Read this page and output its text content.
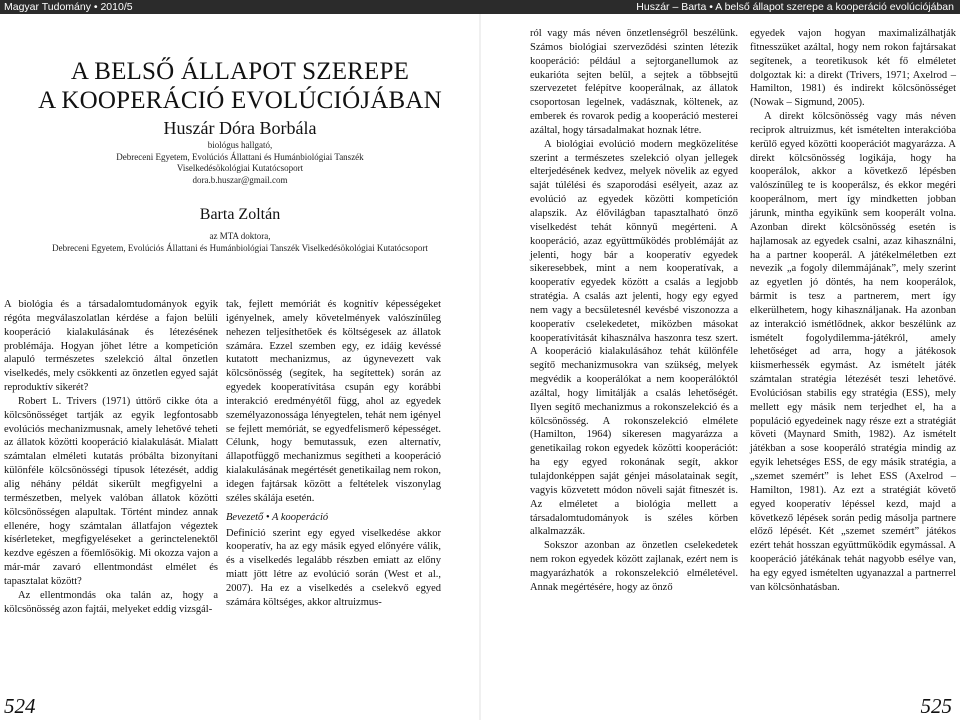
Magyar Tudomány • 2010/5	Huszár – Barta • A belső állapot szerepe a kooperáció evolúciójában
A BELSŐ ÁLLAPOT SZEREPE
A KOOPERÁCIÓ EVOLÚCIÓJÁBAN
Huszár Dóra Borbála
biológus hallgató,
Debreceni Egyetem, Evolúciós Állattani és Humánbiológiai Tanszék
Viselkedésökológiai Kutatócsoport
dora.b.huszar@gmail.com
Barta Zoltán
az MTA doktora,
Debreceni Egyetem, Evolúciós Állattani és Humánbiológiai Tanszék Viselkedésökológiai Kutatócsoport

A biológia és a társadalomtudományok egyik régóta megválaszolatlan kérdése a fajon belüli kooperáció kialakulásának és létezésének problémája. Hogyan jöhet létre a kompetíción alapuló természetes szelekció által önzetlen viselkedés, mely csökkenti az önzetlen egyed saját reproduktív sikerét?

Robert L. Trivers (1971) úttörő cikke óta a kölcsönösséget tartják az egyik legfontosabb evolúciós mechanizmusnak, amely lehetővé teheti az állatok közötti kooperáció kialakulását. Mialatt számtalan elméleti kutatás próbálta bizonyítani különféle kölcsönösségi típusok létezését, addig alig néhány példát sikerült megfigyelni a természetben, melyek valóban állatok közötti kölcsönösségen alapultak. Történt mindez annak ellenére, hogy számtalan állatfajon végeztek kísérleteket, megfigyeléseket a gerinctelenektől kezdve egészen a főemlősökig. Mi okozza vajon a már-már zavaró ellentmondást elmélet és tapasztalat között?

Az ellentmondás oka talán az, hogy a kölcsönösség azon fajtái, melyeket eddig vizsgál-

tak, fejlett memóriát és kognitív képességeket igényelnek, amely követelmények valószínűleg nehezen teljesíthetőek és költségesek az állatok számára. Ezzel szemben egy, ez idáig kevéssé kutatott mechanizmus, az úgynevezett vak kölcsönösség (segítek, ha segítettek) során az egyedek kooperatívitása csupán egy korábbi interakció eredményétől függ, ahol az egyedek személyazonossága lényegtelen, tehát nem igényel se fejlett memóriát, se egyedfelismerő képességet. Célunk, hogy bemutassuk, ezen alternatív, állapotfüggő mechanizmus segítheti a kooperáció kialakulásának megértését genetikailag nem rokon, idegen fajtársak között a feltételek viszonylag széles skálája esetén.

Bevezető • A kooperáció

Definíció szerint egy egyed viselkedése akkor kooperatív, ha az egy másik egyed előnyére válik, és a viselkedés legalább részben emiatt az előny miatt jött létre az evolúció során (West et al., 2007). Ha ez a viselkedés a cselekvő egyed számára költséges, akkor altruizmus-

ról vagy más néven önzetlenségről beszélünk. Számos biológiai szerveződési szinten létezik kooperáció: például a sejtorganellumok az eukarióta sejten belül, a sejtek a többsejtű szervezetet felépítve kooperálnak, az állatok csoportosan legelnek, vadásznak, költenek, az emberek és rovarok pedig a kooperáció mesterei azáltal, hogy társadalmakat hoznak létre.

A biológiai evolúció modern megközelítése szerint a természetes szelekció olyan jellegek elterjedésének kedvez, melyek növelik az egyed saját túlélési és szaporodási esélyeit, azaz az evolúció az egyedek közötti kompetíción alapszik. Az élővilágban tapasztalható önző viselkedést tehát könnyű megérteni. A kooperáció, azaz együttműködés problémáját az jelenti, hogy bár a kooperatív egyedek sikeresebbek, mint a nem kooperatívak, a kooperatív egyedek között a csalás a legjobb stratégia. A csalás azt jelenti, hogy egy egyed nem vagy a becsületesnél kevésbé viszonozza a kooperatív cselekedetet, miközben másokat kooperatívitását kihasználva haszonra tesz szert. A kooperáció kialakulásához tehát különféle segítő mechanizmusokra van szükség, melyek megvédik a kooperálókat a nem kooperálóktól azáltal, hogy limitálják a csalás lehetőségét. Ilyen segítő mechanizmus a rokonszelekció és a kölcsönösség. A rokonszelekció elmélete (Hamilton, 1964) sikeresen magyarázza a genetikailag rokon egyedek közötti kooperációt: ha egy egyed rokonának segít, akkor tulajdonképpen saját génjei másolatainak segít, vagyis közvetett módon növeli saját fitneszét is. Az elméletet a biológia mellett a társadalomtudományok is széles körben alkalmazzák.

Sokszor azonban az önzetlen cselekedetek nem rokon egyedek között zajlanak, ezért nem is magyarázhatók a rokonszelekció elméletével. Annak megértésére, hogy az önző

egyedek vajon hogyan maximalizálhatják fitnesszüket azáltal, hogy nem rokon fajtársakat segítenek, a teoretikusok két fő elméletet dolgoztak ki: a direkt (Trivers, 1971; Axelrod – Hamilton, 1981) és indirekt kölcsönösséget (Nowak – Sigmund, 2005).

A direkt kölcsönösség vagy más néven reciprok altruizmus, két ismételten interakcióba kerülő egyed közötti kooperációt magyarázza. A direkt kölcsönösség logikája, hogy ha kooperálok, akkor a következő lépésben valószínűleg te is kooperálsz, és ekkor megéri kooperálnom, mert így mindketten jobban járunk, mintha egyikünk sem kooperált volna. Azonban direkt kölcsönösség esetén is hajlamosak az egyedek csalni, azaz kihasználni, ha a partner kooperál. A játékelméletben ezt nevezik „a fogoly dilemmájának”, mely szerint az egyetlen jó döntés, ha nem kooperálok, bármit is tesz a partnerem, mert így elkerülhetem, hogy kihasználjanak. Ha azonban az interakció ismétlődnek, akkor beszélünk az ismételt fogolydilemma-játékról, amely lehetőséget ad arra, hogy a játékosok kiismerhessék egymást. Az ismételt játék számtalan stratégia létezését teszi lehetővé. Evolúciósan stabilis egy stratégia (ESS), mely mellett egy másik nem terjedhet el, ha a populáció egyedeinek nagy része ezt a stratégiát követi (Maynard Smith, 1982). Az ismételt játékban a sose kooperáló stratégia mindig az egyik lehetséges ESS, de egy másik stratégia, a „szemet szemért” is lehet ESS (Axelrod – Hamilton, 1981). Az ezt a stratégiát követő egyed kooperatív lépéssel kezd, majd a következő lépések során pedig másolja partnere előző lépését. Két „szemet szemért” játékos ezért tehát hosszan együttműködik egymással. A kooperáció játékának tehát nagyobb esélye van, ha egy egyed ismételten ugyanazzal a partnerrel van kölcsönhatásban.

524	525
